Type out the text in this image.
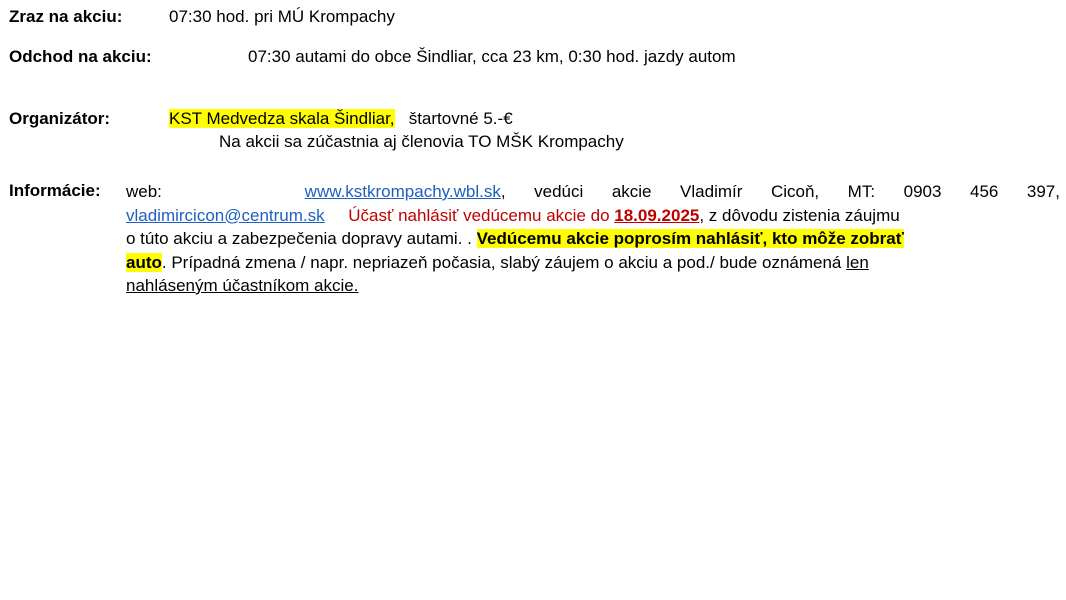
Zraz na akciu:	07:30 hod. pri MÚ Krompachy
Odchod na akciu:	07:30 autami do obce Šindliar, cca 23 km, 0:30 hod. jazdy autom
Organizátor:	KST Medvedza skala Šindliar, štartovné 5.-€
Na akcii sa zúčastnia aj členovia TO MŠK Krompachy
Informácie: web:	www.kstkrompachy.wbl.sk, vedúci akcie Vladimír Cicoň, MT: 0903 456 397,
vladimircicon@centrum.sk Účasť nahlásiť vedúcemu akcie do 18.09.2025, z dôvodu zistenia záujmu
o túto akciu a zabezpečenia dopravy autami. . Vedúcemu akcie poprosím nahlásiť, kto môže zobrať
auto. Prípadná zmena / napr. nepriazeň počasia, slabý záujem o akciu a pod./ bude oznámená len
nahláseným účastníkom akcie.
